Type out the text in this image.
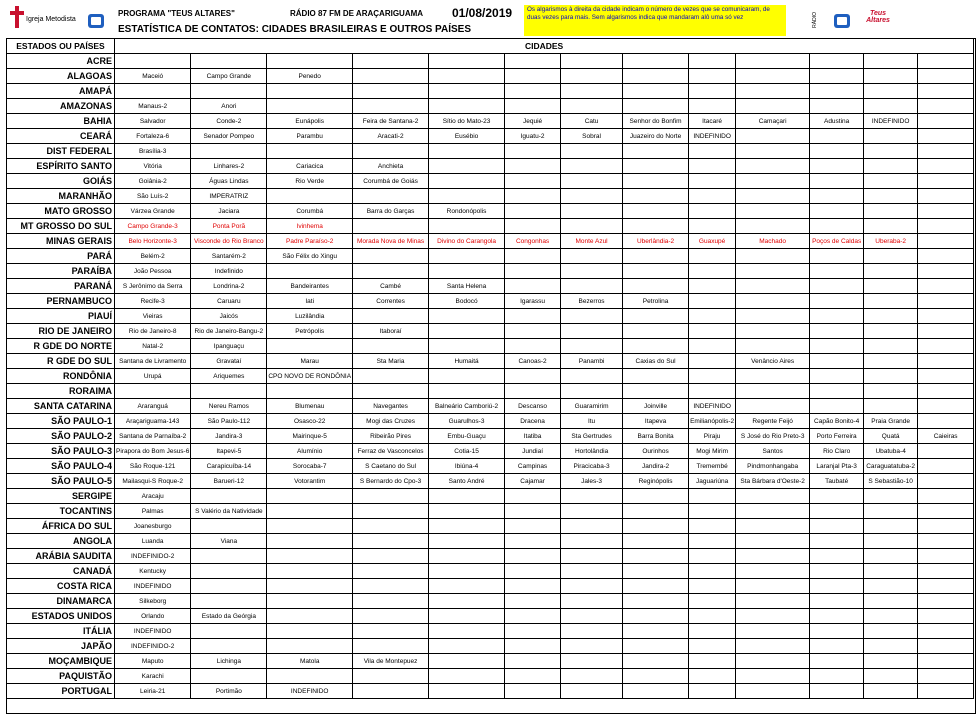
Igreja Metodista
PROGRAMA "TEUS ALTARES"	RÁDIO 87 FM DE ARAÇARIGUAMA 01/08/2019
ESTATÍSTICA DE CONTATOS: CIDADES BRASILEIRAS E OUTROS PAÍSES
Os algarismos à direita da cidade indicam o número de vezes que se comunicaram, de duas vezes para mais. Sem algarismos indica que mandaram alô uma só vez	RÁDIO	Teus Altares
ESTADOS OU PAÍSES	CIDADES												
ACRE													
ALAGOAS	Maceió	Campo Grande	Penedo										
AMAPÁ													
AMAZONAS	Manaus-2	Anori											
BAHIA	Salvador	Conde-2	Eunápolis	Feira de Santana-2	Sítio do Mato-23	Jequié	Catu	Senhor do Bonfim	Itacaré	Camaçari	Adustina	INDEFINIDO	
CEARÁ	Fortaleza-6	Senador Pompeo	Parambu	Aracati-2	Eusébio	Iguatu-2	Sobral	Juazeiro do Norte	INDEFINIDO				
DIST FEDERAL	Brasília-3												
ESPÍRITO SANTO	Vitória	Linhares-2	Cariacica	Anchieta									
GOIÁS	Goiânia-2	Águas Lindas	Rio Verde	Corumbá de Goiás									
MARANHÃO	São Luís-2	IMPERATRIZ											
MATO GROSSO	Várzea Grande	Jaciara	Corumbá	Barra do Garças	Rondonópolis								
MT GROSSO DO SUL	Campo Grande-3	Ponta Porã	Ivinhema										
MINAS GERAIS	Belo Horizonte-3	Visconde do Rio Branco	Padre Paraíso-2	Morada Nova de Minas	Divino do Carangola	Congonhas	Monte Azul	Uberlândia-2	Guaxupé	Machado	Poços de Caldas	Uberaba-2	
PARÁ	Belém-2	Santarém-2	São Félix do Xingu										
PARAÍBA	João Pessoa	Indefinido											
PARANÁ	S Jerônimo da Serra	Londrina-2	Bandeirantes	Cambé	Santa Helena								
PERNAMBUCO	Recife-3	Caruaru	Iati	Correntes	Bodocó	Igarassu	Bezerros	Petrolina					
PIAUÍ	Vieiras	Jaicós	Luzilândia										
RIO DE JANEIRO	Rio de Janeiro-8	Rio de Janeiro-Bangu-2	Petrópolis	Itaboraí									
R GDE DO NORTE	Natal-2	Ipanguaçu											
R GDE DO SUL	Santana de Livramento	Gravataí	Marau	Sta Maria	Humaitá	Canoas-2	Panambi	Caxias do Sul		Venâncio Aires			
RONDÔNIA	Urupá	Ariquemes	CPO NOVO DE RONDÔNIA										
RORAIMA													
SANTA CATARINA	Araranguá	Nereu Ramos	Blumenau	Navegantes	Balneário Camboriú-2	Descanso	Guaramirim	Joinville	INDEFINIDO				
SÃO PAULO-1	Araçariguama-143	São Paulo-112	Osasco-22	Mogi das Cruzes	Guarulhos-3	Dracena	Itu	Itapeva	Emilianópolis-2	Regente Feijó	Capão Bonito-4	Praia Grande	
SÃO PAULO-2	Santana de Parnaíba-2	Jandira-3	Mairinque-5	Ribeirão Pires	Embu-Guaçu	Itatiba	Sta Gertrudes	Barra Bonita	Piraju	S José do Rio Preto-3	Porto Ferreira	Quatá	Caieiras
SÃO PAULO-3	Pirapora do Bom Jesus-6	Itapevi-5	Alumínio	Ferraz de Vasconcelos	Cotia-15	Jundiaí	Hortolândia	Ourinhos	Mogi Mirim	Santos	Rio Claro	Ubatuba-4	
SÃO PAULO-4	São Roque-121	Carapicuíba-14	Sorocaba-7	S Caetano do Sul	Ibiúna-4	Campinas	Piracicaba-3	Jandira-2	Tremembé	Pindmonhangaba	Laranjal Pta-3	Caraguatatuba-2	
SÃO PAULO-5	Mailasqui-S Roque-2	Barueri-12	Votorantim	S Bernardo do Cpo-3	Santo André	Cajamar	Jales-3	Reginópolis	Jaguariúna	Sta Bárbara d'Oeste-2	Taubaté	S Sebastião-10	
SERGIPE	Aracaju												
TOCANTINS	Palmas	S Valério da Natividade											
ÁFRICA DO SUL	Joanesburgo												
ANGOLA	Luanda	Viana											
ARÁBIA SAUDITA	INDEFINIDO-2												
CANADÁ	Kentucky												
COSTA RICA	INDEFINIDO												
DINAMARCA	Silkeborg												
ESTADOS UNIDOS	Orlando	Estado da Geórgia											
ITÁLIA	INDEFINIDO												
JAPÃO	INDEFINIDO-2												
MOÇAMBIQUE	Maputo	Lichinga	Matola	Vila de Montepuez									
PAQUISTÃO	Karachi												
PORTUGAL	Leiria-21	Portimão	INDEFINIDO										
